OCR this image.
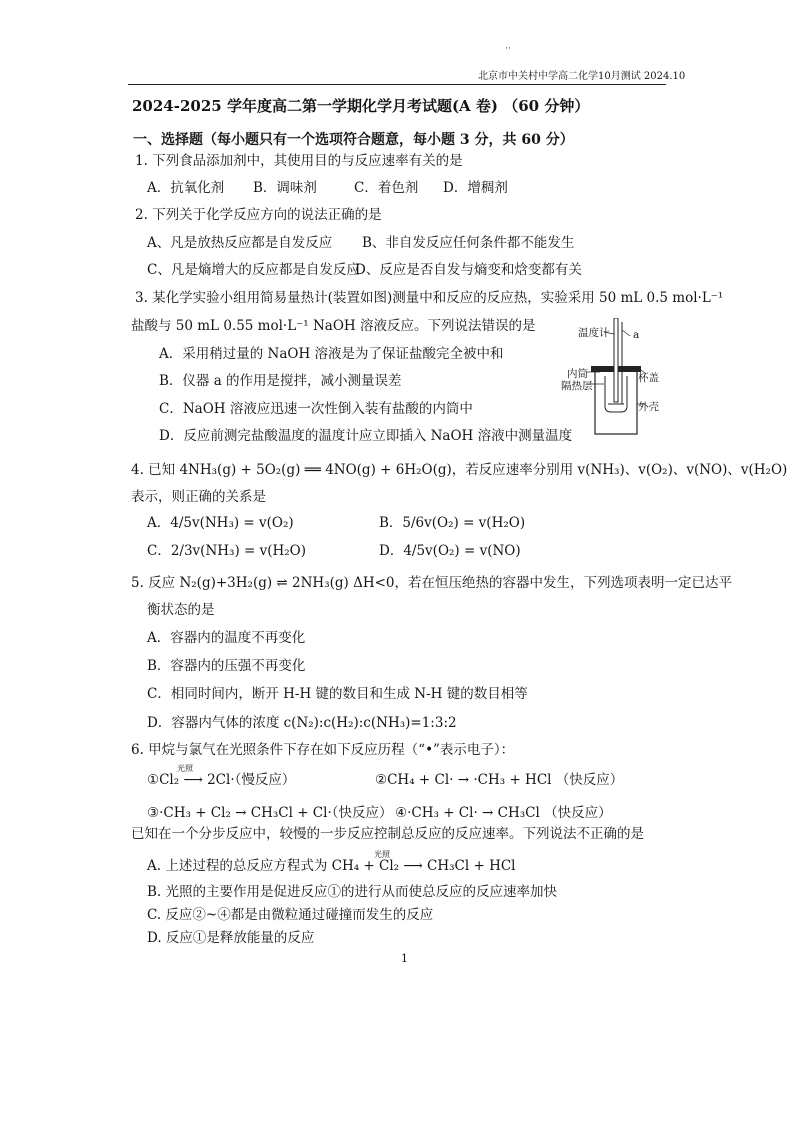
··
北京市中关村中学高二化学10月测试 2024.10
2024-2025 学年度高二第一学期化学月考试题(A 卷) （60 分钟）
一、选择题（每小题只有一个选项符合题意，每小题 3 分，共 60 分）
1. 下列食品添加剂中，其使用目的与反应速率有关的是
A．抗氧化剂 B．调味剂	C．着色剂 D．增稠剂
2. 下列关于化学反应方向的说法正确的是
A、凡是放热反应都是自发反应 B、非自发反应任何条件都不能发生
C、凡是熵增大的反应都是自发反应
D、反应是否自发与熵变和焓变都有关
3. 某化学实验小组用简易量热计(装置如图)测量中和反应的反应热，实验采用 50 mL 0.5 mol·L⁻¹
盐酸与 50 mL 0.55 mol·L⁻¹ NaOH 溶液反应。下列说法错误的是
A．采用稍过量的 NaOH 溶液是为了保证盐酸完全被中和
B．仪器 a 的作用是搅拌，减小测量误差
C．NaOH 溶液应迅速一次性倒入装有盐酸的内筒中
D．反应前测完盐酸温度的温度计应立即插入 NaOH 溶液中测量温度
温度计 a
内筒	杯盖
隔热层
外壳
4. 已知 4NH₃(g) + 5O₂(g) ══ 4NO(g) + 6H₂O(g)，若反应速率分别用 v(NH₃)、v(O₂)、v(NO)、v(H₂O)
表示，则正确的关系是
A．4/5v(NH₃) = v(O₂)	B．5/6v(O₂) = v(H₂O)
C．2/3v(NH₃) = v(H₂O)	D．4/5v(O₂) = v(NO)
5. 反应 N₂(g)+3H₂(g) ⇌ 2NH₃(g) ΔH<0，若在恒压绝热的容器中发生，下列选项表明一定已达平
衡状态的是
A．容器内的温度不再变化
B．容器内的压强不再变化
C．相同时间内，断开 H-H 键的数目和生成 N-H 键的数目相等
D．容器内气体的浓度 c(N₂):c(H₂):c(NH₃)=1:3:2
6. 甲烷与氯气在光照条件下存在如下反应历程（“•”表示电子）：
光照
①Cl₂ ⟶ 2Cl·（慢反应）	②CH₄ + Cl· → ·CH₃ + HCl （快反应）
③·CH₃ + Cl₂ → CH₃Cl + Cl·（快反应） ④·CH₃ + Cl· → CH₃Cl （快反应）
已知在一个分步反应中，较慢的一步反应控制总反应的反应速率。下列说法不正确的是
光照
A. 上述过程的总反应方程式为 CH₄ + Cl₂ ⟶ CH₃Cl + HCl
B. 光照的主要作用是促进反应①的进行从而使总反应的反应速率加快
C. 反应②~④都是由微粒通过碰撞而发生的反应
D. 反应①是释放能量的反应
1
